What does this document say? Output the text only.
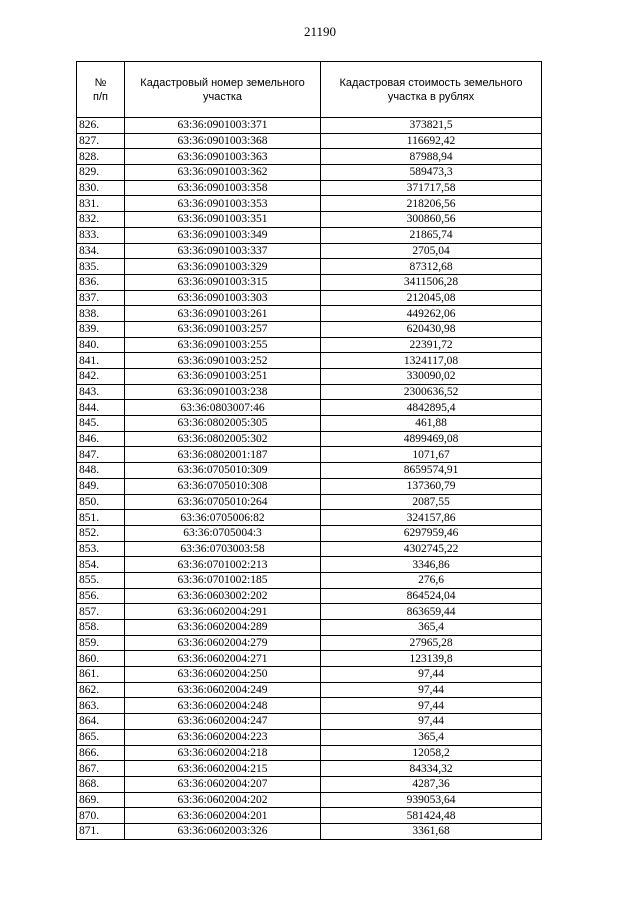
21190
№
п/п	Кадастровый номер земельного участка	Кадастровая стоимость земельного участка в рублях
826.	63:36:0901003:371	373821,5
827.	63:36:0901003:368	116692,42
828.	63:36:0901003:363	87988,94
829.	63:36:0901003:362	589473,3
830.	63:36:0901003:358	371717,58
831.	63:36:0901003:353	218206,56
832.	63:36:0901003:351	300860,56
833.	63:36:0901003:349	21865,74
834.	63:36:0901003:337	2705,04
835.	63:36:0901003:329	87312,68
836.	63:36:0901003:315	3411506,28
837.	63:36:0901003:303	212045,08
838.	63:36:0901003:261	449262,06
839.	63:36:0901003:257	620430,98
840.	63:36:0901003:255	22391,72
841.	63:36:0901003:252	1324117,08
842.	63:36:0901003:251	330090,02
843.	63:36:0901003:238	2300636,52
844.	63:36:0803007:46	4842895,4
845.	63:36:0802005:305	461,88
846.	63:36:0802005:302	4899469,08
847.	63:36:0802001:187	1071,67
848.	63:36:0705010:309	8659574,91
849.	63:36:0705010:308	137360,79
850.	63:36:0705010:264	2087,55
851.	63:36:0705006:82	324157,86
852.	63:36:0705004:3	6297959,46
853.	63:36:0703003:58	4302745,22
854.	63:36:0701002:213	3346,86
855.	63:36:0701002:185	276,6
856.	63:36:0603002:202	864524,04
857.	63:36:0602004:291	863659,44
858.	63:36:0602004:289	365,4
859.	63:36:0602004:279	27965,28
860.	63:36:0602004:271	123139,8
861.	63:36:0602004:250	97,44
862.	63:36:0602004:249	97,44
863.	63:36:0602004:248	97,44
864.	63:36:0602004:247	97,44
865.	63:36:0602004:223	365,4
866.	63:36:0602004:218	12058,2
867.	63:36:0602004:215	84334,32
868.	63:36:0602004:207	4287,36
869.	63:36:0602004:202	939053,64
870.	63:36:0602004:201	581424,48
871.	63:36:0602003:326	3361,68
